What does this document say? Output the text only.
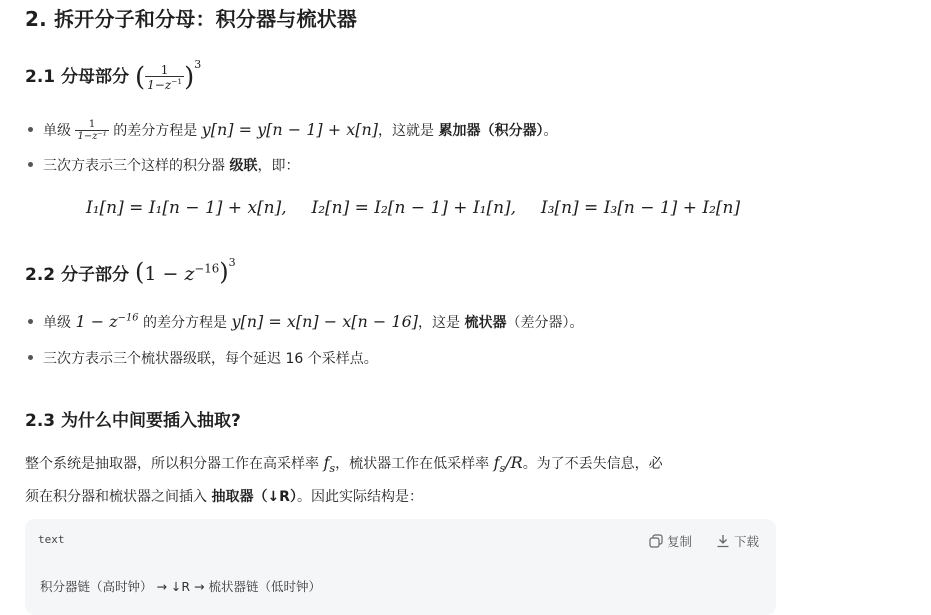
2. 拆开分子和分母：积分器与梳状器
2.1 分母部分 ( $\frac{1}{1-z^{-1}} )^3$
单级 $\frac{1}{\text{1−z⁻¹}}$ 的差分方程是 y[n] = y[n − 1] + x[n]，这就是 累加器（积分器）。
三次方表示三个这样的积分器 级联，即：
I₁[n] = I₁[n − 1] + x[n], I₂[n] = I₂[n − 1] + I₁[n], I₃[n] = I₃[n − 1] + I₂[n]
2.2 分子部分 $(1 - z^{-16})^3$
单级 $1 - z^{-16}$ 的差分方程是 y[n] = x[n] − x[n − 16]，这是 梳状器（差分器）。
三次方表示三个梳状器级联，每个延迟 16 个采样点。
2.3 为什么中间要插入抽取?
整个系统是抽取器，所以积分器工作在高采样率 $f_s$，梳状器工作在低采样率 $f_s/R$。为了不丢失信息，必
须在积分器和梳状器之间插入 抽取器（↓R）。因此实际结构是：
text	复制	下载
积分器链（高时钟） → ↓R → 梳状器链（低时钟）
